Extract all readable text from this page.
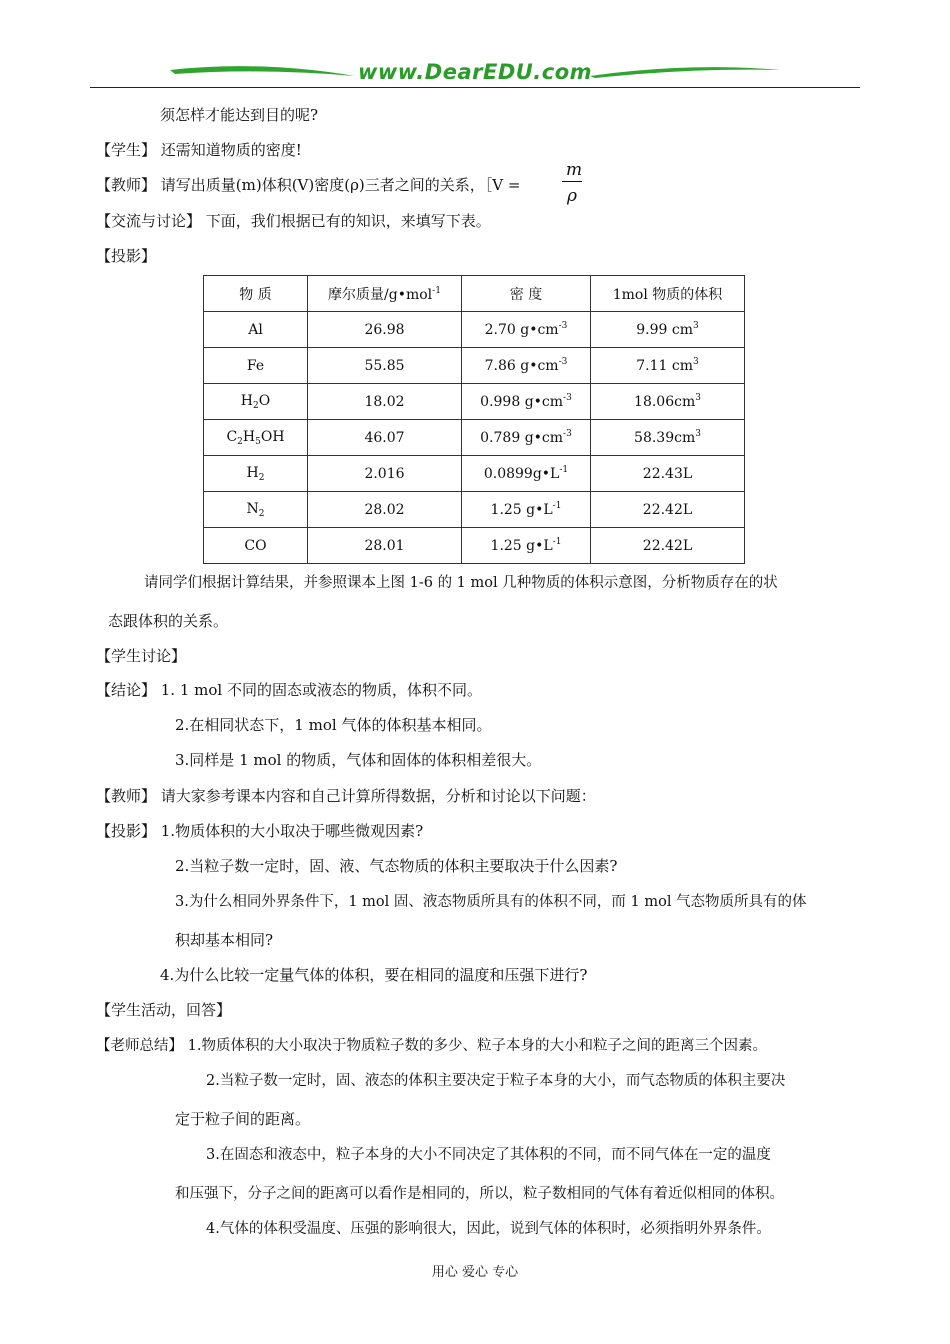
www.DearEDU.com
须怎样才能达到目的呢?
【学生】 还需知道物质的密度!
【教师】 请写出质量(m)体积(V)密度(ρ)三者之间的关系，［V =
m
ρ
【交流与讨论】 下面，我们根据已有的知识，来填写下表。
【投影】
物 质	摩尔质量/g•mol$^{-1}$	密 度	1mol 物质的体积
Al	26.98	2.70 $g•cm^{-3}$	9.99 $cm^3$
Fe	55.85	7.86 $g•cm^{-3}$	7.11 $cm^3$
$H_2O$	18.02	0.998 $g•cm^{-3}$	$18.06cm^3$
$C_2H_5OH$	46.07	0.789 $g•cm^{-3}$	$58.39cm^3$
$H_2$	2.016	$0.0899g•L^{-1}$	22.43L
$N_2$	28.02	1.25 $g•L^{-1}$	22.42L
CO	28.01	1.25 $g•L^{-1}$	22.42L
请同学们根据计算结果，并参照课本上图 1-6 的 1 mol 几种物质的体积示意图，分析物质存在的状
态跟体积的关系。
【学生讨论】
【结论】 1. 1 mol 不同的固态或液态的物质，体积不同。
2.在相同状态下，1 mol 气体的体积基本相同。
3.同样是 1 mol 的物质，气体和固体的体积相差很大。
【教师】 请大家参考课本内容和自己计算所得数据，分析和讨论以下问题：
【投影】 1.物质体积的大小取决于哪些微观因素?
2.当粒子数一定时，固、液、气态物质的体积主要取决于什么因素?
3.为什么相同外界条件下，1 mol 固、液态物质所具有的体积不同，而 1 mol 气态物质所具有的体
积却基本相同?
4.为什么比较一定量气体的体积，要在相同的温度和压强下进行?
【学生活动，回答】
【老师总结】 1.物质体积的大小取决于物质粒子数的多少、粒子本身的大小和粒子之间的距离三个因素。
2.当粒子数一定时，固、液态的体积主要决定于粒子本身的大小，而气态物质的体积主要决
定于粒子间的距离。
3.在固态和液态中，粒子本身的大小不同决定了其体积的不同，而不同气体在一定的温度
和压强下，分子之间的距离可以看作是相同的，所以，粒子数相同的气体有着近似相同的体积。
4.气体的体积受温度、压强的影响很大，因此，说到气体的体积时，必须指明外界条件。
用心 爱心 专心
